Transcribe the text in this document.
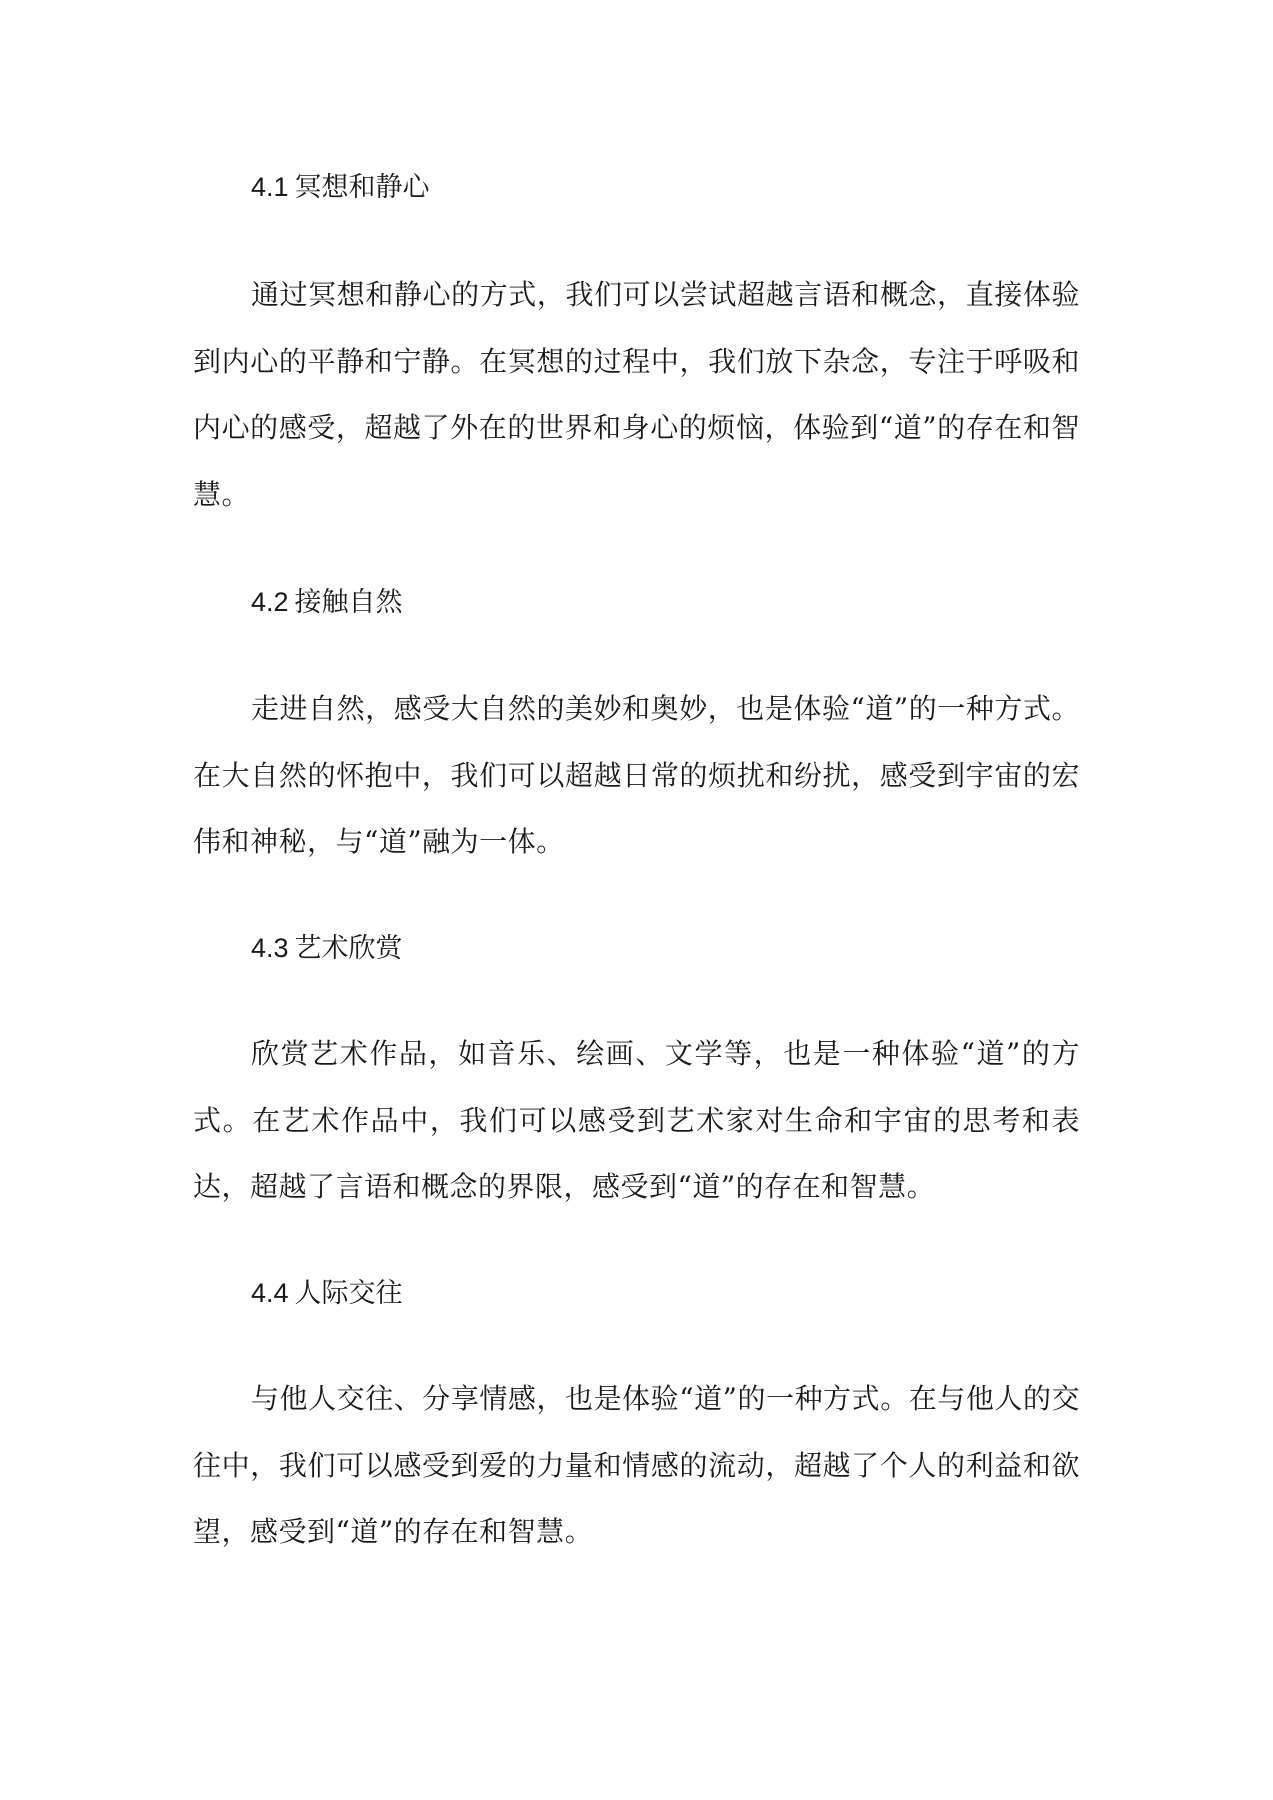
4.1 冥想和静心

通过冥想和静心的方式，我们可以尝试超越言语和概念，直接体验到内心的平静和宁静。在冥想的过程中，我们放下杂念，专注于呼吸和内心的感受，超越了外在的世界和身心的烦恼，体验到“道”的存在和智慧。

4.2 接触自然

走进自然，感受大自然的美妙和奥妙，也是体验“道”的一种方式。在大自然的怀抱中，我们可以超越日常的烦扰和纷扰，感受到宇宙的宏伟和神秘，与“道”融为一体。

4.3 艺术欣赏

欣赏艺术作品，如音乐、绘画、文学等，也是一种体验“道”的方式。在艺术作品中，我们可以感受到艺术家对生命和宇宙的思考和表达，超越了言语和概念的界限，感受到“道”的存在和智慧。

4.4 人际交往

与他人交往、分享情感，也是体验“道”的一种方式。在与他人的交往中，我们可以感受到爱的力量和情感的流动，超越了个人的利益和欲望，感受到“道”的存在和智慧。
